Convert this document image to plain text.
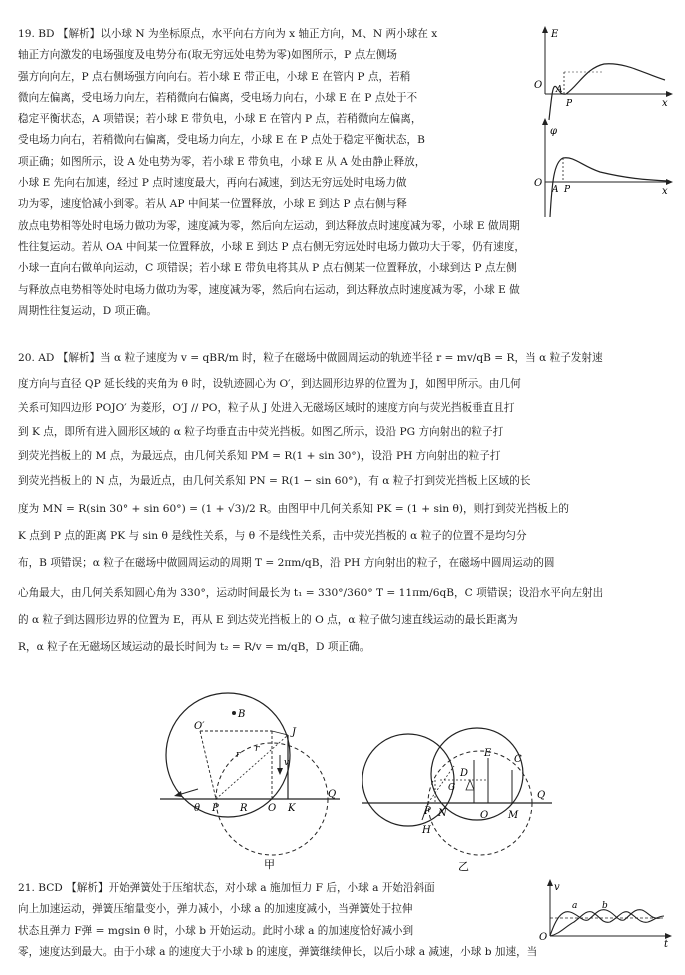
19. BD 【解析】以小球 N 为坐标原点，水平向右方向为 x 轴正方向，M、N 两小球在 x
轴正方向激发的电场强度及电势分布(取无穷远处电势为零)如图所示，P 点左侧场
强方向向左，P 点右侧场强方向向右。若小球 E 带正电，小球 E 在管内 P 点，若稍
微向左偏离，受电场力向左，若稍微向右偏离，受电场力向右，小球 E 在 P 点处于不
稳定平衡状态，A 项错误；若小球 E 带负电，小球 E 在管内 P 点，若稍微向左偏离，
受电场力向右，若稍微向右偏离，受电场力向左，小球 E 在 P 点处于稳定平衡状态，B
项正确；如图所示，设 A 处电势为零，若小球 E 带负电，小球 E 从 A 处由静止释放，
小球 E 先向右加速，经过 P 点时速度最大，再向右减速，到达无穷远处时电场力做
功为零，速度恰减小到零。若从 AP 中间某一位置释放，小球 E 到达 P 点右侧与释
放点电势相等处时电场力做功为零，速度减为零，然后向左运动，到达释放点时速度减为零，小球 E 做周期
性往复运动。若从 OA 中间某一位置释放，小球 E 到达 P 点右侧无穷远处时电场力做功大于零，仍有速度，
小球一直向右做单向运动，C 项错误；若小球 E 带负电将其从 P 点右侧某一位置释放，小球到达 P 点左侧
与释放点电势相等处时电场力做功为零，速度减为零，然后向右运动，到达释放点时速度减为零，小球 E 做
周期性往复运动，D 项正确。
E
x
O A
P
φ
x
O
A P
20. AD 【解析】当 α 粒子速度为 v = qBR/m 时，粒子在磁场中做圆周运动的轨迹半径 r = mv/qB = R，当 α 粒子发射速
度方向与直径 QP 延长线的夹角为 θ 时，设轨迹圆心为 O′，到达圆形边界的位置为 J，如图甲所示。由几何
关系可知四边形 POJO′ 为菱形，O′J // PO，粒子从 J 处进入无磁场区域时的速度方向与荧光挡板垂直且打
到 K 点，即所有进入圆形区域的 α 粒子均垂直击中荧光挡板。如图乙所示，设沿 PG 方向射出的粒子打
到荧光挡板上的 M 点，为最远点，由几何关系知 PM = R(1 + sin 30°)，设沿 PH 方向射出的粒子打
到荧光挡板上的 N 点，为最近点，由几何关系知 PN = R(1 − sin 60°)，有 α 粒子打到荧光挡板上区域的长
度为 MN = R(sin 30° + sin 60°) = (1 + √3)/2 R。由图甲中几何关系知 PK = (1 + sin θ)，则打到荧光挡板上的
K 点到 P 点的距离 PK 与 sin θ 是线性关系，与 θ 不是线性关系，击中荧光挡板的 α 粒子的位置不是均匀分
布，B 项错误；α 粒子在磁场中做圆周运动的周期 T = 2πm/qB，沿 PH 方向射出的粒子，在磁场中圆周运动的圆
心角最大，由几何关系知圆心角为 330°，运动时间最长为 t₁ = 330°/360° T = 11πm/6qB，C 项错误；设沿水平向左射出
的 α 粒子到达圆形边界的位置为 E，再从 E 到达荧光挡板上的 O 点，α 粒子做匀速直线运动的最长距离为
R，α 粒子在无磁场区域运动的最长时间为 t₂ = R/v = m/qB，D 项正确。
B
O′
J
r
r
v
θ P R O K
Q
甲
C
E
D
G
P N
H
O M
Q
乙
21. BCD 【解析】开始弹簧处于压缩状态，对小球 a 施加恒力 F 后，小球 a 开始沿斜面
向上加速运动，弹簧压缩量变小，弹力减小，小球 a 的加速度减小，当弹簧处于拉伸
状态且弹力 F弹 = mgsin θ 时，小球 b 开始运动。此时小球 a 的加速度恰好减小到
零，速度达到最大。由于小球 a 的速度大于小球 b 的速度，弹簧继续伸长，以后小球 a 减速，小球 b 加速，当
v
t
O
a	b
